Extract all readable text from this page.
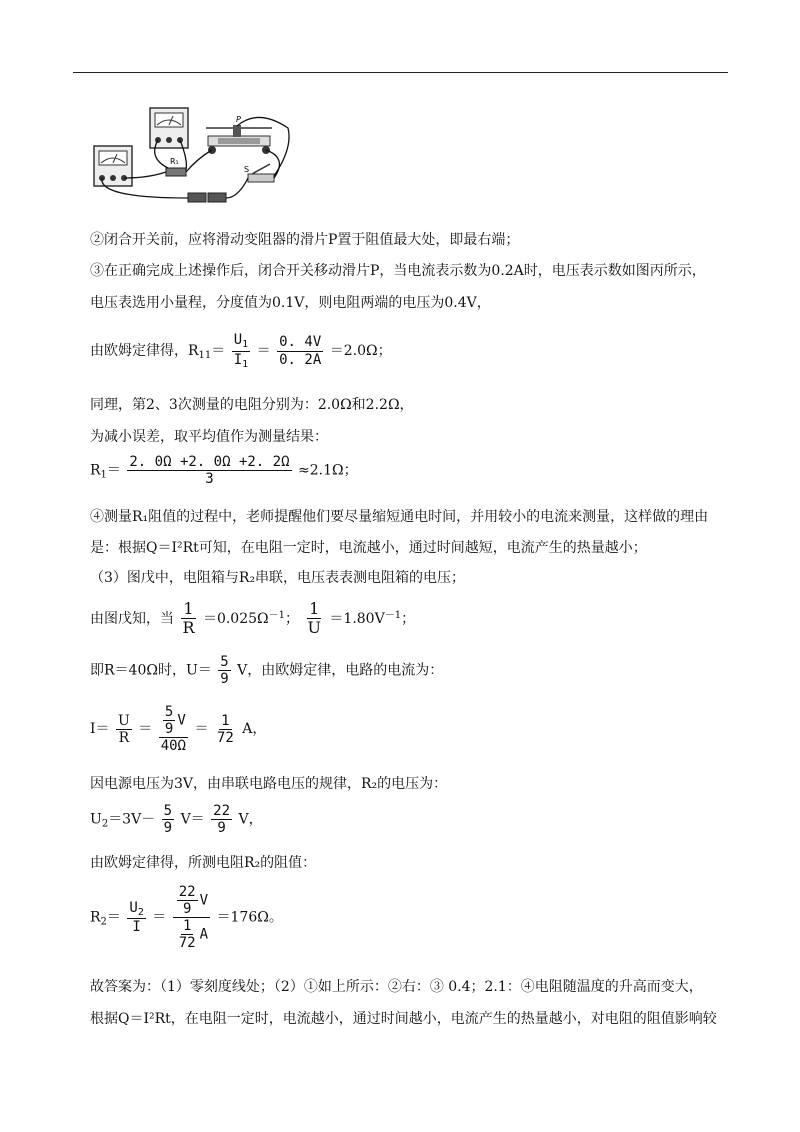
R₁
P
S
②闭合开关前，应将滑动变阻器的滑片P置于阻值最大处，即最右端；
③在正确完成上述操作后，闭合开关移动滑片P，当电流表示数为0.2A时，电压表示数如图丙所示，
电压表选用小量程，分度值为0.1V，则电阻两端的电压为0.4V，
由欧姆定律得，$R_{11}= \frac{U_1}{I_1} = \frac{0. 4V}{0. 2A} =2.0\Omega$；
同理，第2、3次测量的电阻分别为：2.0Ω和2.2Ω，
为减小误差，取平均值作为测量结果：
$R_1= \frac{2. 0\Omega +2. 0\Omega +2. 2\Omega}{3} \approx 2.1\Omega$；
④测量R₁阻值的过程中，老师提醒他们要尽量缩短通电时间，并用较小的电流来测量，这样做的理由
是：根据Q＝I²Rt可知，在电阻一定时，电流越小，通过时间越短，电流产生的热量越小；
（3）图戊中，电阻箱与R₂串联，电压表表测电阻箱的电压；
由图戊知，当 $\frac{1}{R} =0.025\Omega^{-1}$； $\frac{1}{U} =1.80V^{-1}$；
即R＝40Ω时，$U= \frac{5}{9}$ V，由欧姆定律，电路的电流为：
$I= \frac{U}{R} = \frac{\frac{5}{9} V}{40\Omega} = \frac{1}{72}$ A，
因电源电压为3V，由串联电路电压的规律，R₂的电压为：
$U_2=3V- \frac{5}{9} V= \frac{22}{9}$ V，
由欧姆定律得，所测电阻R₂的阻值：
$R_2= \frac{U_2}{I} = \frac{\frac{22}{9} V}{\frac{1}{72} A} =176\Omega$。
故答案为：（1）零刻度线处；（2）①如上所示：②右：③ 0.4；2.1：④电阻随温度的升高而变大，
根据Q＝I²Rt，在电阻一定时，电流越小，通过时间越小，电流产生的热量越小，对电阻的阻值影响较
